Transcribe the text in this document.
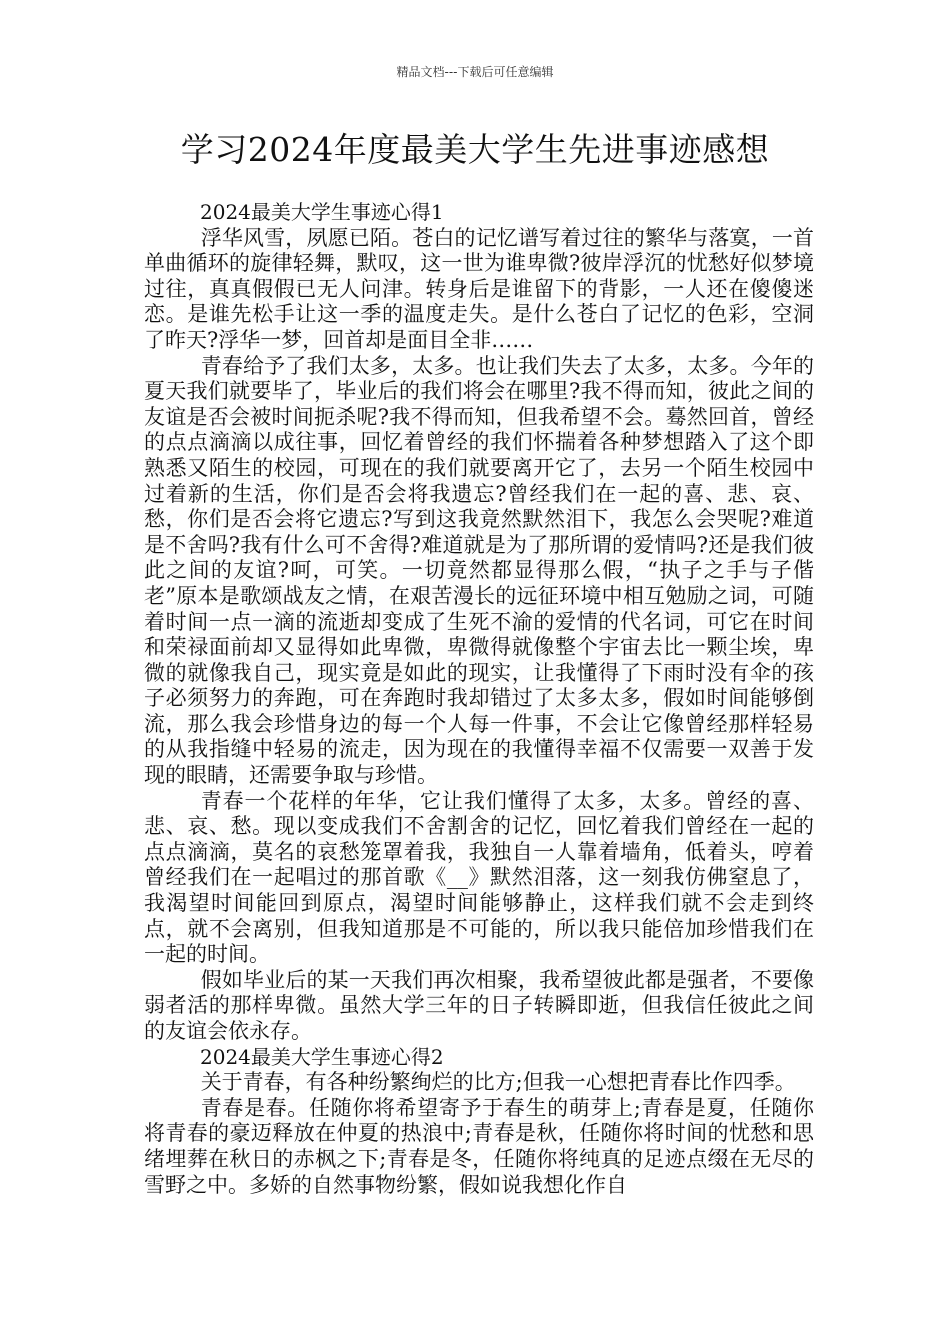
精品文档---下载后可任意编辑
学习2024年度最美大学生先进事迹感想

2024最美大学生事迹心得1

浮华风雪，夙愿已陌。苍白的记忆谱写着过往的繁华与落寞，一首单曲循环的旋律轻舞，默叹，这一世为谁卑微?彼岸浮沉的忧愁好似梦境过往，真真假假已无人问津。转身后是谁留下的背影，一人还在傻傻迷恋。是谁先松手让这一季的温度走失。是什么苍白了记忆的色彩，空洞了昨天?浮华一梦，回首却是面目全非……

青春给予了我们太多，太多。也让我们失去了太多，太多。今年的夏天我们就要毕了，毕业后的我们将会在哪里?我不得而知，彼此之间的友谊是否会被时间扼杀呢?我不得而知，但我希望不会。蓦然回首，曾经的点点滴滴以成往事，回忆着曾经的我们怀揣着各种梦想踏入了这个即熟悉又陌生的校园，可现在的我们就要离开它了，去另一个陌生校园中过着新的生活，你们是否会将我遗忘?曾经我们在一起的喜、悲、哀、愁，你们是否会将它遗忘?写到这我竟然默然泪下，我怎么会哭呢?难道是不舍吗?我有什么可不舍得?难道就是为了那所谓的爱情吗?还是我们彼此之间的友谊?呵，可笑。一切竟然都显得那么假，“执子之手与子偕老”原本是歌颂战友之情，在艰苦漫长的远征环境中相互勉励之词，可随着时间一点一滴的流逝却变成了生死不渝的爱情的代名词，可它在时间和荣禄面前却又显得如此卑微，卑微得就像整个宇宙去比一颗尘埃，卑微的就像我自己，现实竟是如此的现实，让我懂得了下雨时没有伞的孩子必须努力的奔跑，可在奔跑时我却错过了太多太多，假如时间能够倒流，那么我会珍惜身边的每一个人每一件事，不会让它像曾经那样轻易的从我指缝中轻易的流走，因为现在的我懂得幸福不仅需要一双善于发现的眼睛，还需要争取与珍惜。

青春一个花样的年华，它让我们懂得了太多，太多。曾经的喜、悲、哀、愁。现以变成我们不舍割舍的记忆，回忆着我们曾经在一起的点点滴滴，莫名的哀愁笼罩着我，我独自一人靠着墙角，低着头，哼着曾经我们在一起唱过的那首歌《__》默然泪落，这一刻我仿佛窒息了，我渴望时间能回到原点，渴望时间能够静止，这样我们就不会走到终点，就不会离别，但我知道那是不可能的，所以我只能倍加珍惜我们在一起的时间。

假如毕业后的某一天我们再次相聚，我希望彼此都是强者，不要像弱者活的那样卑微。虽然大学三年的日子转瞬即逝，但我信任彼此之间的友谊会依永存。

2024最美大学生事迹心得2

关于青春，有各种纷繁绚烂的比方;但我一心想把青春比作四季。

青春是春。任随你将希望寄予于春生的萌芽上;青春是夏，任随你将青春的豪迈释放在仲夏的热浪中;青春是秋，任随你将时间的忧愁和思绪埋葬在秋日的赤枫之下;青春是冬，任随你将纯真的足迹点缀在无尽的雪野之中。多娇的自然事物纷繁，假如说我想化作自
